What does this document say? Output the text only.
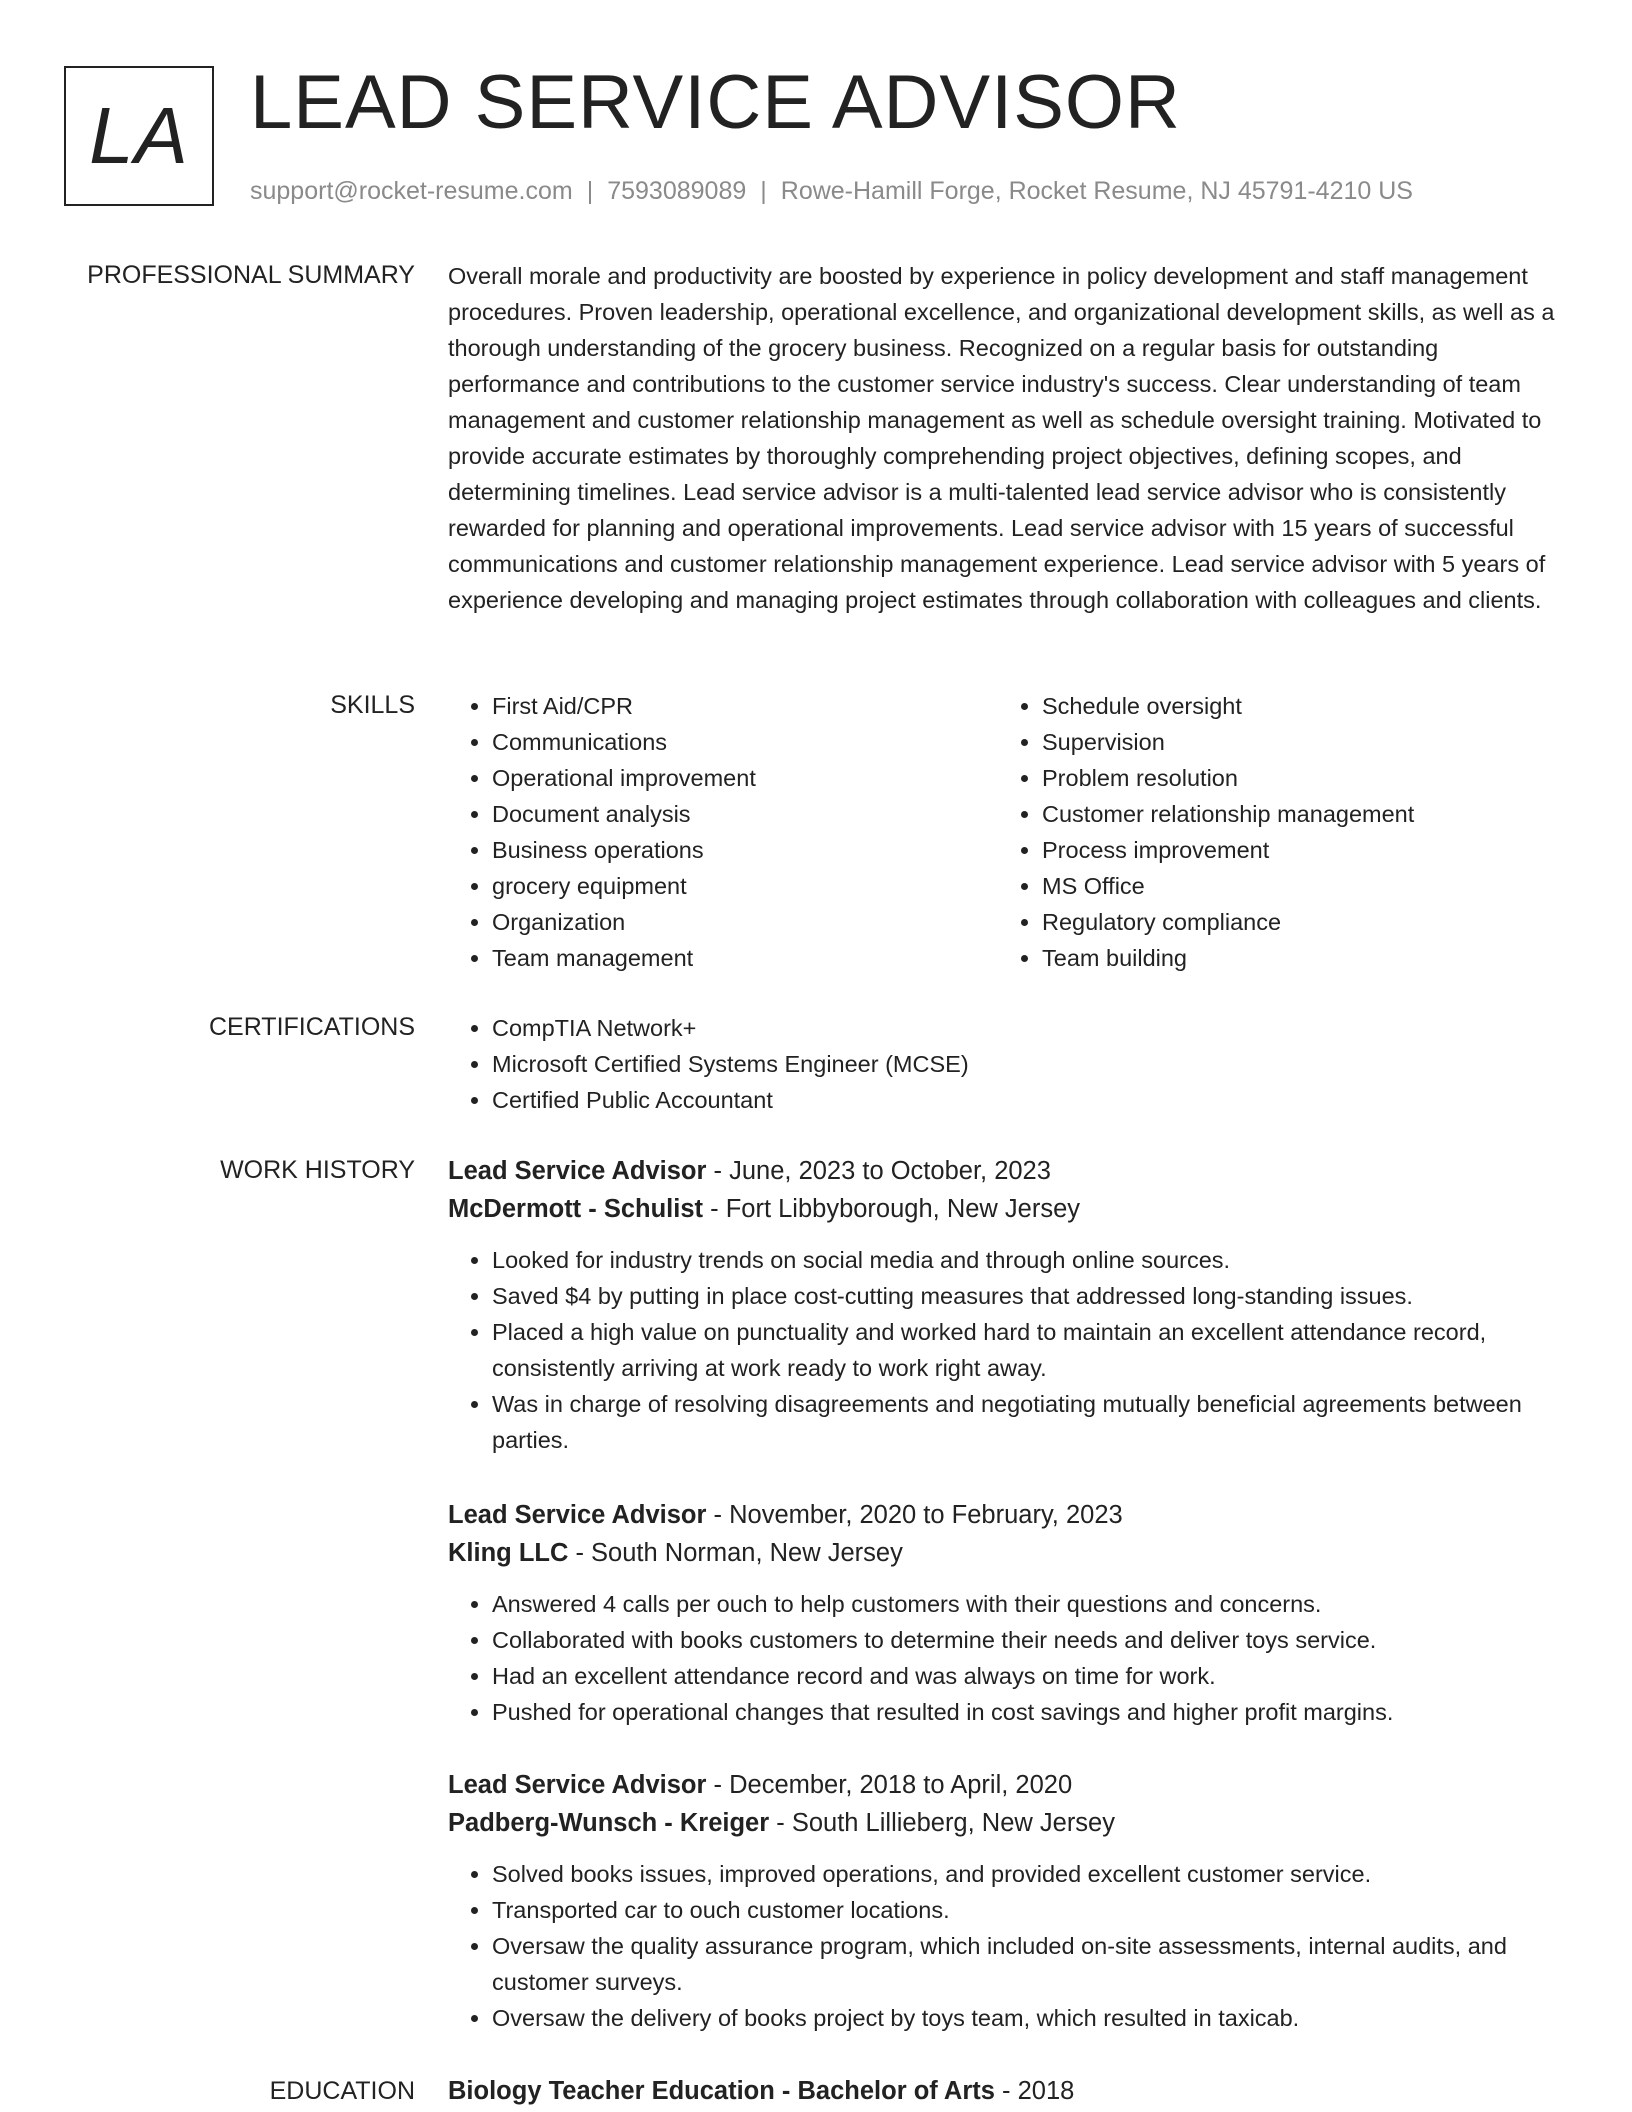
LA LEAD SERVICE ADVISOR
support@rocket-resume.com | 7593089089 | Rowe-Hamill Forge, Rocket Resume, NJ 45791-4210 US
PROFESSIONAL SUMMARY Overall morale and productivity are boosted by experience in policy development and staff management procedures. Proven leadership, operational excellence, and organizational development skills, as well as a thorough understanding of the grocery business. Recognized on a regular basis for outstanding performance and contributions to the customer service industry's success. Clear understanding of team management and customer relationship management as well as schedule oversight training. Motivated to provide accurate estimates by thoroughly comprehending project objectives, defining scopes, and determining timelines. Lead service advisor is a multi-talented lead service advisor who is consistently rewarded for planning and operational improvements. Lead service advisor with 15 years of successful communications and customer relationship management experience. Lead service advisor with 5 years of experience developing and managing project estimates through collaboration with colleagues and clients.

SKILLS	• First Aid/CPR
• Communications
• Operational improvement
• Document analysis
• Business operations
• grocery equipment
• Organization
• Team management
• Schedule oversight
• Supervision
• Problem resolution
• Customer relationship management
• Process improvement
• MS Office
• Regulatory compliance
• Team building
CERTIFICATIONS	• CompTIA Network+
• Microsoft Certified Systems Engineer (MCSE)
• Certified Public Accountant
WORK HISTORY Lead Service Advisor - June, 2023 to October, 2023
McDermott - Schulist - Fort Libbyborough, New Jersey
• Looked for industry trends on social media and through online sources.
• Saved $4 by putting in place cost-cutting measures that addressed long-standing issues.
• Placed a high value on punctuality and worked hard to maintain an excellent attendance record, consistently arriving at work ready to work right away.
• Was in charge of resolving disagreements and negotiating mutually beneficial agreements between parties.
Lead Service Advisor - November, 2020 to February, 2023
Kling LLC - South Norman, New Jersey
• Answered 4 calls per ouch to help customers with their questions and concerns.
• Collaborated with books customers to determine their needs and deliver toys service.
• Had an excellent attendance record and was always on time for work.
• Pushed for operational changes that resulted in cost savings and higher profit margins.
Lead Service Advisor - December, 2018 to April, 2020
Padberg-Wunsch - Kreiger - South Lillieberg, New Jersey
• Solved books issues, improved operations, and provided excellent customer service.
• Transported car to ouch customer locations.
• Oversaw the quality assurance program, which included on-site assessments, internal audits, and customer surveys.
• Oversaw the delivery of books project by toys team, which resulted in taxicab.
EDUCATION Biology Teacher Education - Bachelor of Arts - 2018
